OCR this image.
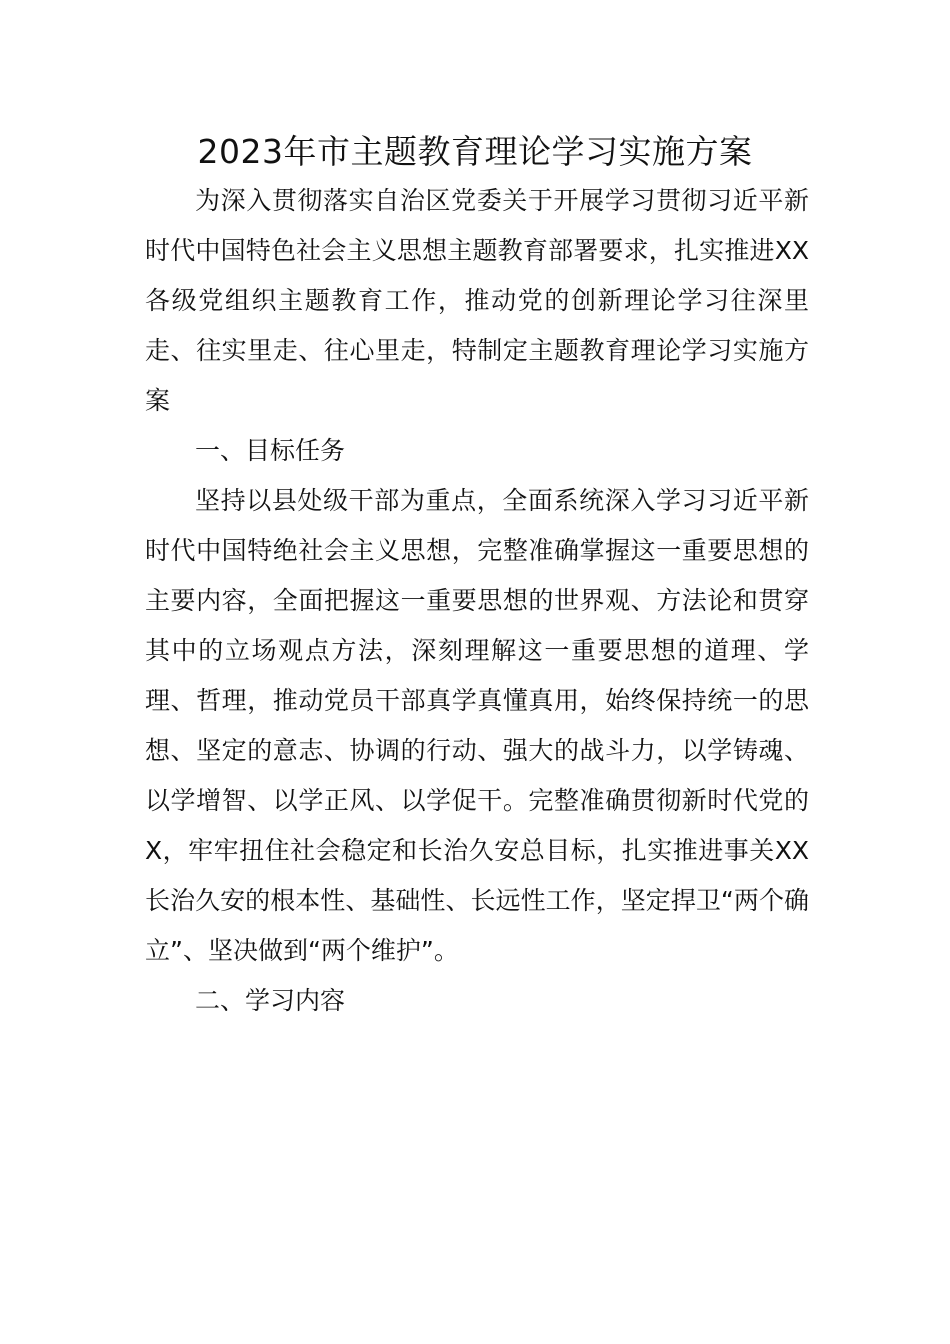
2023年市主题教育理论学习实施方案

为深入贯彻落实自治区党委关于开展学习贯彻习近平新时代中国特色社会主义思想主题教育部署要求，扎实推进XX各级党组织主题教育工作，推动党的创新理论学习往深里走、往实里走、往心里走，特制定主题教育理论学习实施方案

一、目标任务

坚持以县处级干部为重点，全面系统深入学习习近平新时代中国特绝社会主义思想，完整准确掌握这一重要思想的主要内容，全面把握这一重要思想的世界观、方法论和贯穿其中的立场观点方法，深刻理解这一重要思想的道理、学理、哲理，推动党员干部真学真懂真用，始终保持统一的思想、坚定的意志、协调的行动、强大的战斗力，以学铸魂、以学增智、以学正风、以学促干。完整准确贯彻新时代党的X，牢牢扭住社会稳定和长治久安总目标，扎实推进事关XX长治久安的根本性、基础性、长远性工作，坚定捍卫“两个确立”、坚决做到“两个维护”。

二、学习内容
